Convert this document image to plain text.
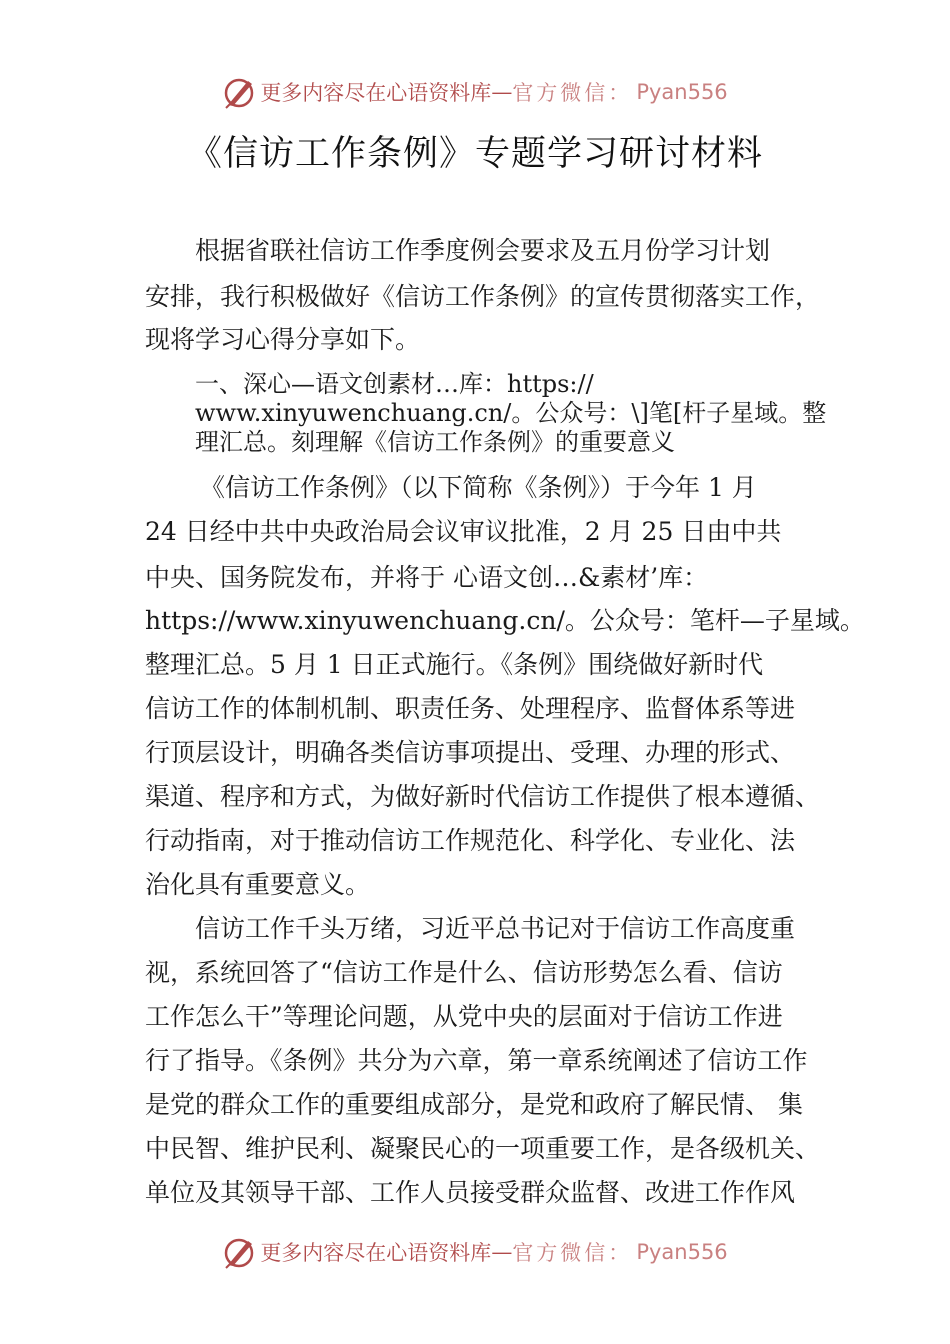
更多内容尽在心语资料库 — 官方微信： Pyan556
《信访工作条例》专题学习研讨材料
根据省联社信访工作季度例会要求及五月份学习计划
安排，我行积极做好《信访工作条例》的宣传贯彻落实工作，
现将学习心得分享如下。
一、深心—语文创素材…库：https://
www.xinyuwenchuang.cn/。公众号：\]笔[杆子星域。整
理汇总。刻理解《信访工作条例》的重要意义
《信访工作条例》（以下简称《条例》）于今年 1 月
24 日经中共中央政治局会议审议批准，2 月 25 日由中共
中央、国务院发布，并将于 心语文创…&素材’库：
https://www.xinyuwenchuang.cn/。公众号：笔杆—子星域。
整理汇总。5 月 1 日正式施行。《条例》围绕做好新时代
信访工作的体制机制、职责任务、处理程序、监督体系等进
行顶层设计，明确各类信访事项提出、受理、办理的形式、
渠道、程序和方式，为做好新时代信访工作提供了根本遵循、
行动指南，对于推动信访工作规范化、科学化、专业化、法
治化具有重要意义。
信访工作千头万绪，习近平总书记对于信访工作高度重
视，系统回答了“信访工作是什么、信访形势怎么看、信访
工作怎么干”等理论问题，从党中央的层面对于信访工作进
行了指导。《条例》共分为六章，第一章系统阐述了信访工作
是党的群众工作的重要组成部分，是党和政府了解民情、 集
中民智、维护民利、凝聚民心的一项重要工作，是各级机关、
单位及其领导干部、工作人员接受群众监督、改进工作作风
更多内容尽在心语资料库 — 官方微信： Pyan556
